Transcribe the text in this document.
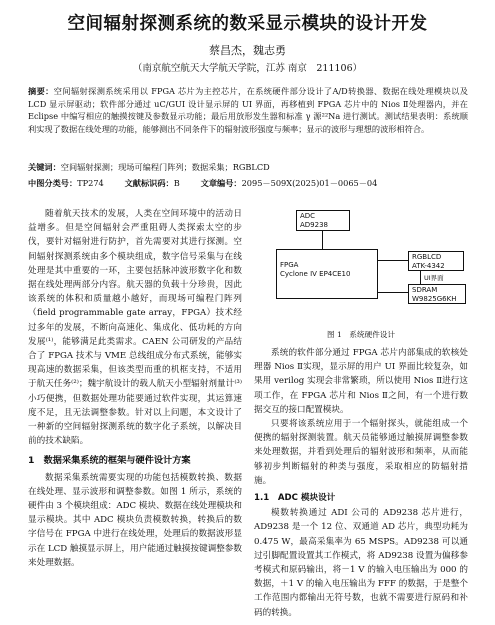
空间辐射探测系统的数采显示模块的设计开发
蔡昌杰，魏志勇
（南京航空航天大学航天学院，江苏 南京　211106）
摘要：空间辐射探测系统采用以 FPGA 芯片为主控芯片，在系统硬件部分设计了A/D转换器、数据在线处理模块以及 LCD 显示屏驱动；软件部分通过 uC/GUI 设计显示屏的 UI 界面，再移植到 FPGA 芯片中的 Nios Ⅱ处理器内，并在 Eclipse 中编写相应的触摸按键及参数显示功能；最后用放形发生器和标准 γ 源²²Na 进行测试。测试结果表明：系统顺利实现了数据在线处理的功能，能够测出不同条件下的辐射波形强度与频率；显示的波形与理想的波形相符合。
关键词：空间辐射探测；现场可编程门阵列；数据采集；RGBLCD
中图分类号：TP274	文献标识码：B	文章编号：2095－509X(2025)01－0065－04

随着航天技术的发展，人类在空间环境中的活动日益增多。但是空间辐射会严重阻碍人类探索太空的步伐，要针对辐射进行防护，首先需要对其进行探测。空间辐射探测系统由多个模块组成，数字信号采集与在线处理是其中重要的一环，主要包括脉冲波形数字化和数据在线处理两部分内容。航天器的负载十分珍贵，因此该系统的体积和质量越小越好，而现场可编程门阵列（field programmable gate array，FPGA）技术经过多年的发展，不断向高速化、集成化、低功耗的方向发展⁽¹⁾，能够满足此类需求。CAEN 公司研发的产品结合了 FPGA 技术与 VME 总线组成分布式系统，能够实现高速的数据采集，但该类型而重的机框支持，不适用于航天任务⁽²⁾；魏宇航设计的载人航天小型辐射剂量计⁽³⁾小巧便携，但数据处理功能要通过软件实现，其运算速度不足，且无法调整参数。针对以上问题，本文设计了一种新的空间辐射探测系统的数字化子系统，以解决目前的技术缺陷。

1　数据采集系统的框架与硬件设计方案

数据采集系统需要实现的功能包括模数转换、数据在线处理、显示波形和调整参数。如图 1 所示，系统的硬件由 3 个模块组成：ADC 模块、数据在线处理模块和显示模块。其中 ADC 模块负责模数转换，转换后的数字信号在 FPGA 中进行在线处理，处理后的数据波形显示在 LCD 触摸显示屏上，用户能通过触摸按键调整参数来处理数据。

ADC
AD9238
FPGA
Cyclone IV EP4CE10
RGBLCD
ATK-4342
UI界面
SDRAM
W9825G6KH
图 1　系统硬件设计

系统的软件部分通过 FPGA 芯片内部集成的软核处理器 Nios Ⅱ实现，显示屏的用户 UI 界面比较复杂，如果用 verilog 实现会非常繁琐，所以使用 Nios Ⅱ进行这项工作，在 FPGA 芯片和 Nios Ⅱ之间，有一个进行数据交互的接口配置模块。

只要将该系统应用于一个辐射探头，就能组成一个便携的辐射探测装置。航天员能够通过触摸屏调整参数来处理数据，并看到处理后的辐射波形和频率，从而能够初步判断辐射的种类与强度，采取相应的防辐射措施。

1.1　ADC 模块设计

模数转换通过 ADI 公司的 AD9238 芯片进行，AD9238 是一个 12 位、双通道 AD 芯片，典型功耗为 0.475 W，最高采集率为 65 MSPS。AD9238 可以通过引脚配置设置其工作模式，将 AD9238 设置为偏移参考模式和原码输出，将－1 V 的输入电压输出为 000 的数据，＋1 V 的输入电压输出为 FFF 的数据，于是整个工作范围内都输出无符号数，也就不需要进行原码和补码的转换。
